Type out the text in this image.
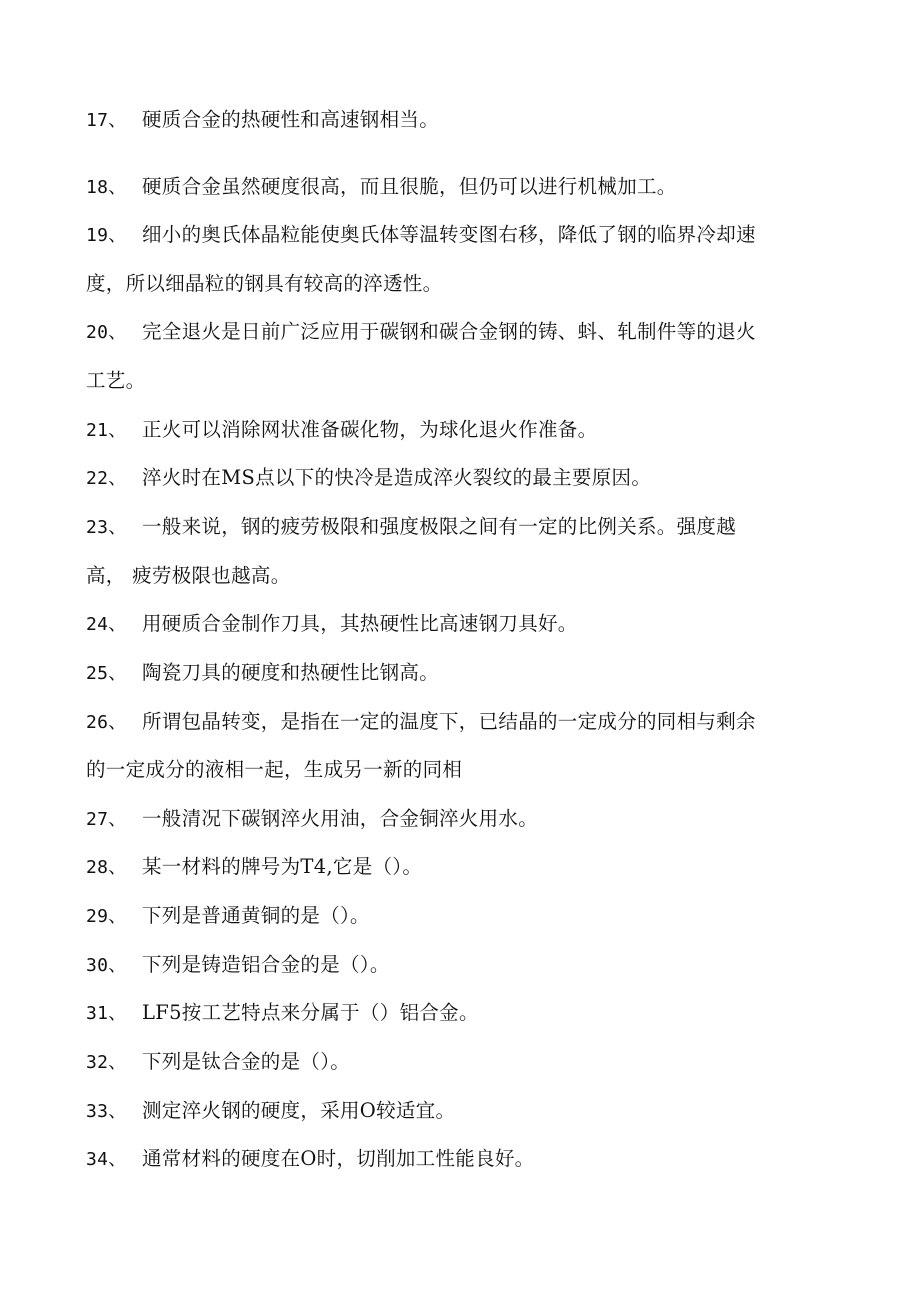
17、 硬质合金的热硬性和高速钢相当。
18、 硬质合金虽然硬度很高，而且很脆，但仍可以进行机械加工。
19、 细小的奥氏体晶粒能使奥氏体等温转变图右移，降低了钢的临界冷却速
度，所以细晶粒的钢具有较高的淬透性。
20、 完全退火是日前广泛应用于碳钢和碳合金钢的铸、蚪、轧制件等的退火
工艺。
21、 正火可以消除网状准备碳化物，为球化退火作准备。
22、 淬火时在MS点以下的快冷是造成淬火裂纹的最主要原因。
23、 一般来说，钢的疲劳极限和强度极限之间有一定的比例关系。强度越
高， 疲劳极限也越高。
24、 用硬质合金制作刀具，其热硬性比高速钢刀具好。
25、 陶瓷刀具的硬度和热硬性比钢高。
26、 所谓包晶转变，是指在一定的温度下，已结晶的一定成分的同相与剩余
的一定成分的液相一起，生成另一新的同相
27、 一般清况下碳钢淬火用油，合金铜淬火用水。
28、 某一材料的牌号为T4,它是（）。
29、 下列是普通黄铜的是（）。
30、 下列是铸造铝合金的是（）。
31、 LF5按工艺特点来分属于（）铝合金。
32、 下列是钛合金的是（）。
33、 测定淬火钢的硬度，采用O较适宜。
34、 通常材料的硬度在O时，切削加工性能良好。
